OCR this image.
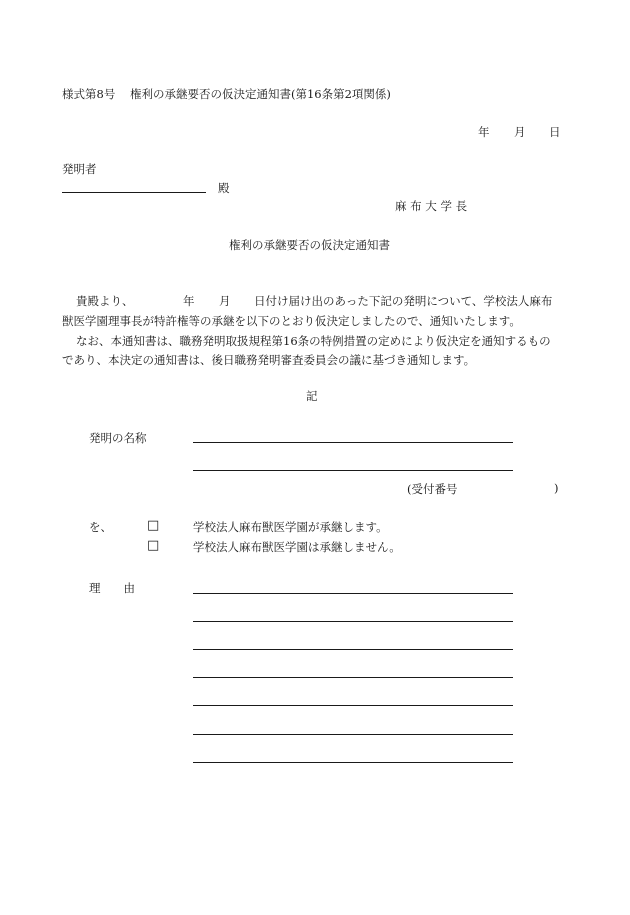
様式第8号 権利の承継要否の仮決定通知書(第16条第2項関係)
年 月 日
発明者
殿
麻 布 大 学 長
権利の承継要否の仮決定通知書
貴殿より、	年 月 日付け届け出のあった下記の発明について、学校法人麻布
獣医学園理事長が特許権等の承継を以下のとおり仮決定しましたので、通知いたします。
なお、本通知書は、職務発明取扱規程第16条の特例措置の定めにより仮決定を通知するもの
であり、本決定の通知書は、後日職務発明審査委員会の議に基づき通知します。
記
発明の名称
(受付番号	)
を、	□	学校法人麻布獣医学園が承継します。
□	学校法人麻布獣医学園は承継しません。
理　　由
